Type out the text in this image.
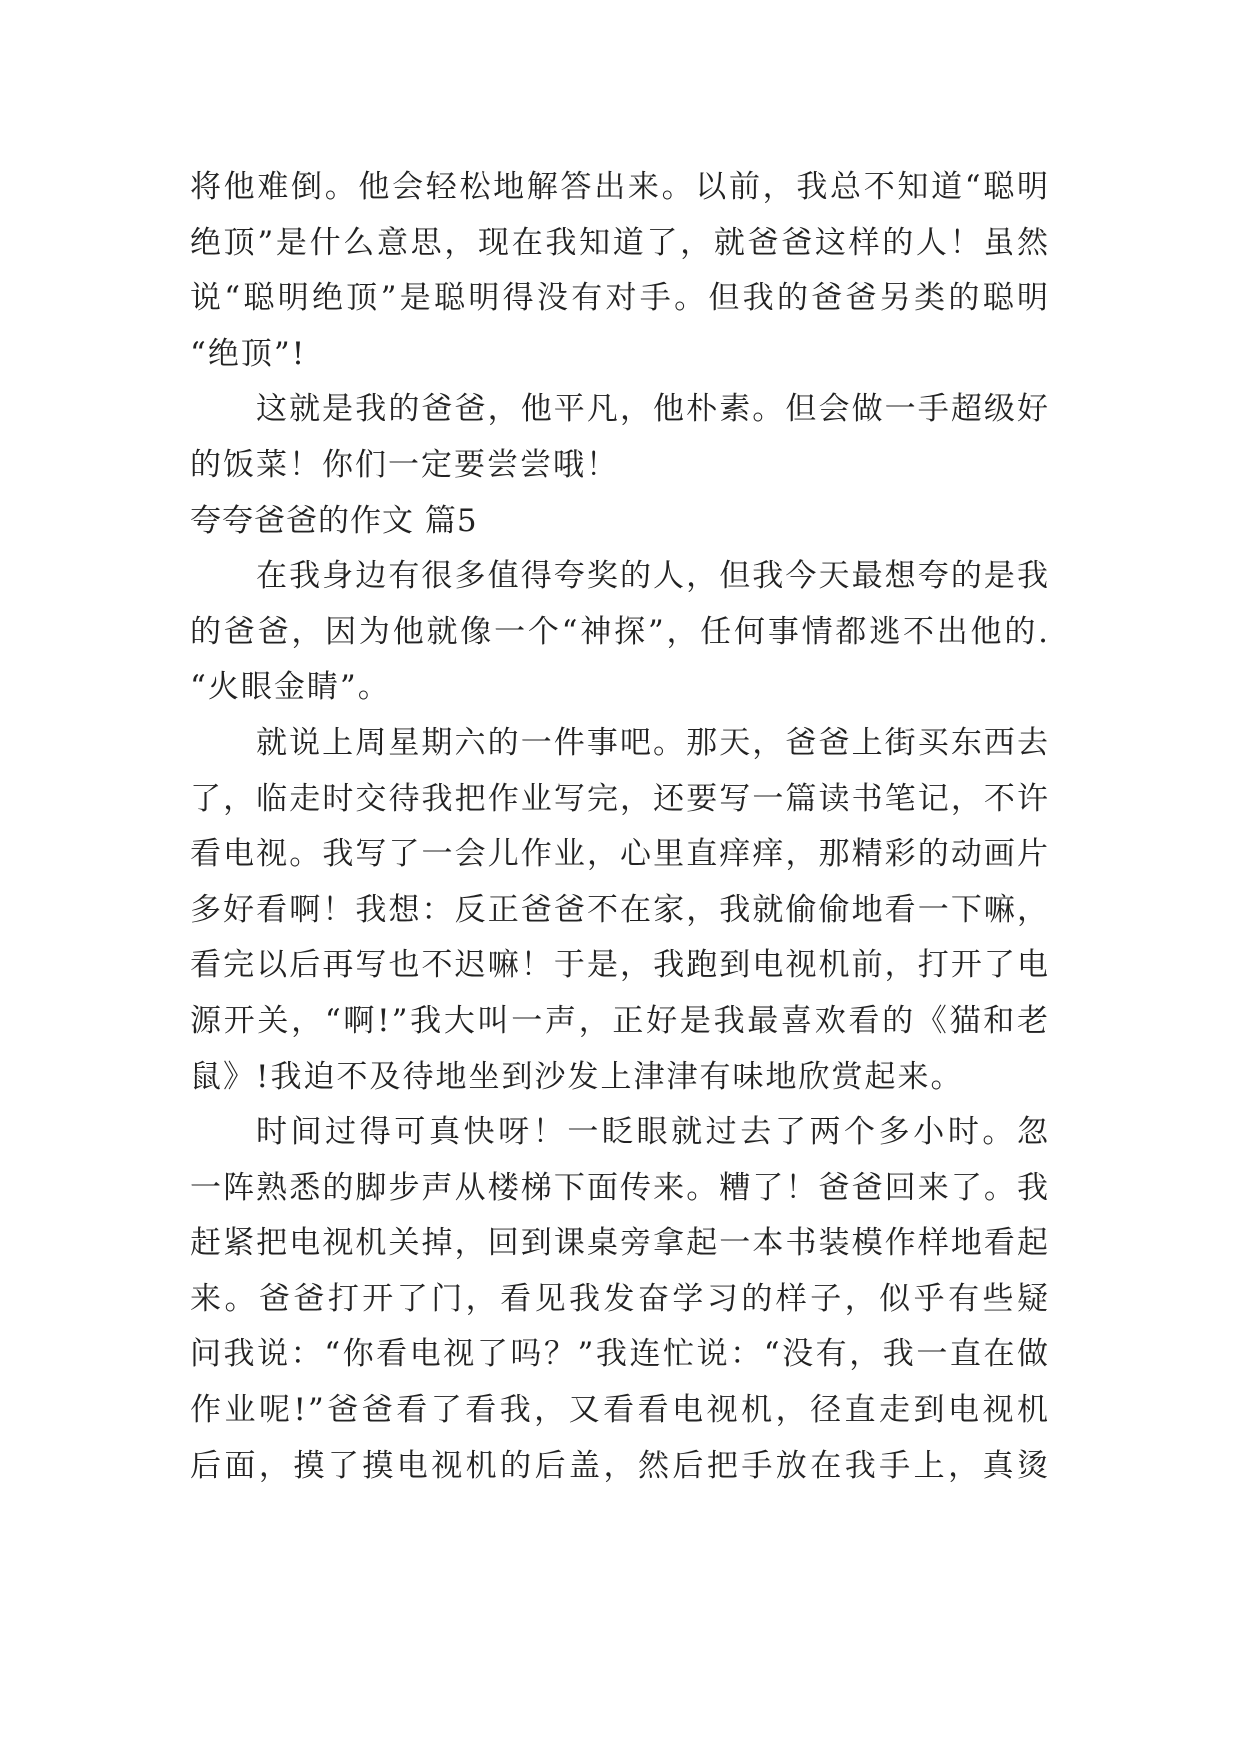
将他难倒。他会轻松地解答出来。以前，我总不知道“聪明
绝顶”是什么意思，现在我知道了，就爸爸这样的人！虽然
说“聪明绝顶”是聪明得没有对手。但我的爸爸另类的聪明
“绝顶”!
这就是我的爸爸，他平凡，他朴素。但会做一手超级好
的饭菜！你们一定要尝尝哦！
夸夸爸爸的作文 篇5
在我身边有很多值得夸奖的人，但我今天最想夸的是我
的爸爸，因为他就像一个“神探”，任何事情都逃不出他的.
“火眼金睛”。
就说上周星期六的一件事吧。那天，爸爸上街买东西去
了，临走时交待我把作业写完，还要写一篇读书笔记，不许
看电视。我写了一会儿作业，心里直痒痒，那精彩的动画片
多好看啊！我想：反正爸爸不在家，我就偷偷地看一下嘛，
看完以后再写也不迟嘛！于是，我跑到电视机前，打开了电
源开关，“啊!”我大叫一声，正好是我最喜欢看的《猫和老
鼠》!我迫不及待地坐到沙发上津津有味地欣赏起来。
时间过得可真快呀！一眨眼就过去了两个多小时。忽
一阵熟悉的脚步声从楼梯下面传来。糟了！爸爸回来了。我
赶紧把电视机关掉，回到课桌旁拿起一本书装模作样地看起
来。爸爸打开了门，看见我发奋学习的样子，似乎有些疑
问我说：“你看电视了吗？”我连忙说：“没有，我一直在做
作业呢!”爸爸看了看我，又看看电视机，径直走到电视机
后面，摸了摸电视机的后盖，然后把手放在我手上，真烫
